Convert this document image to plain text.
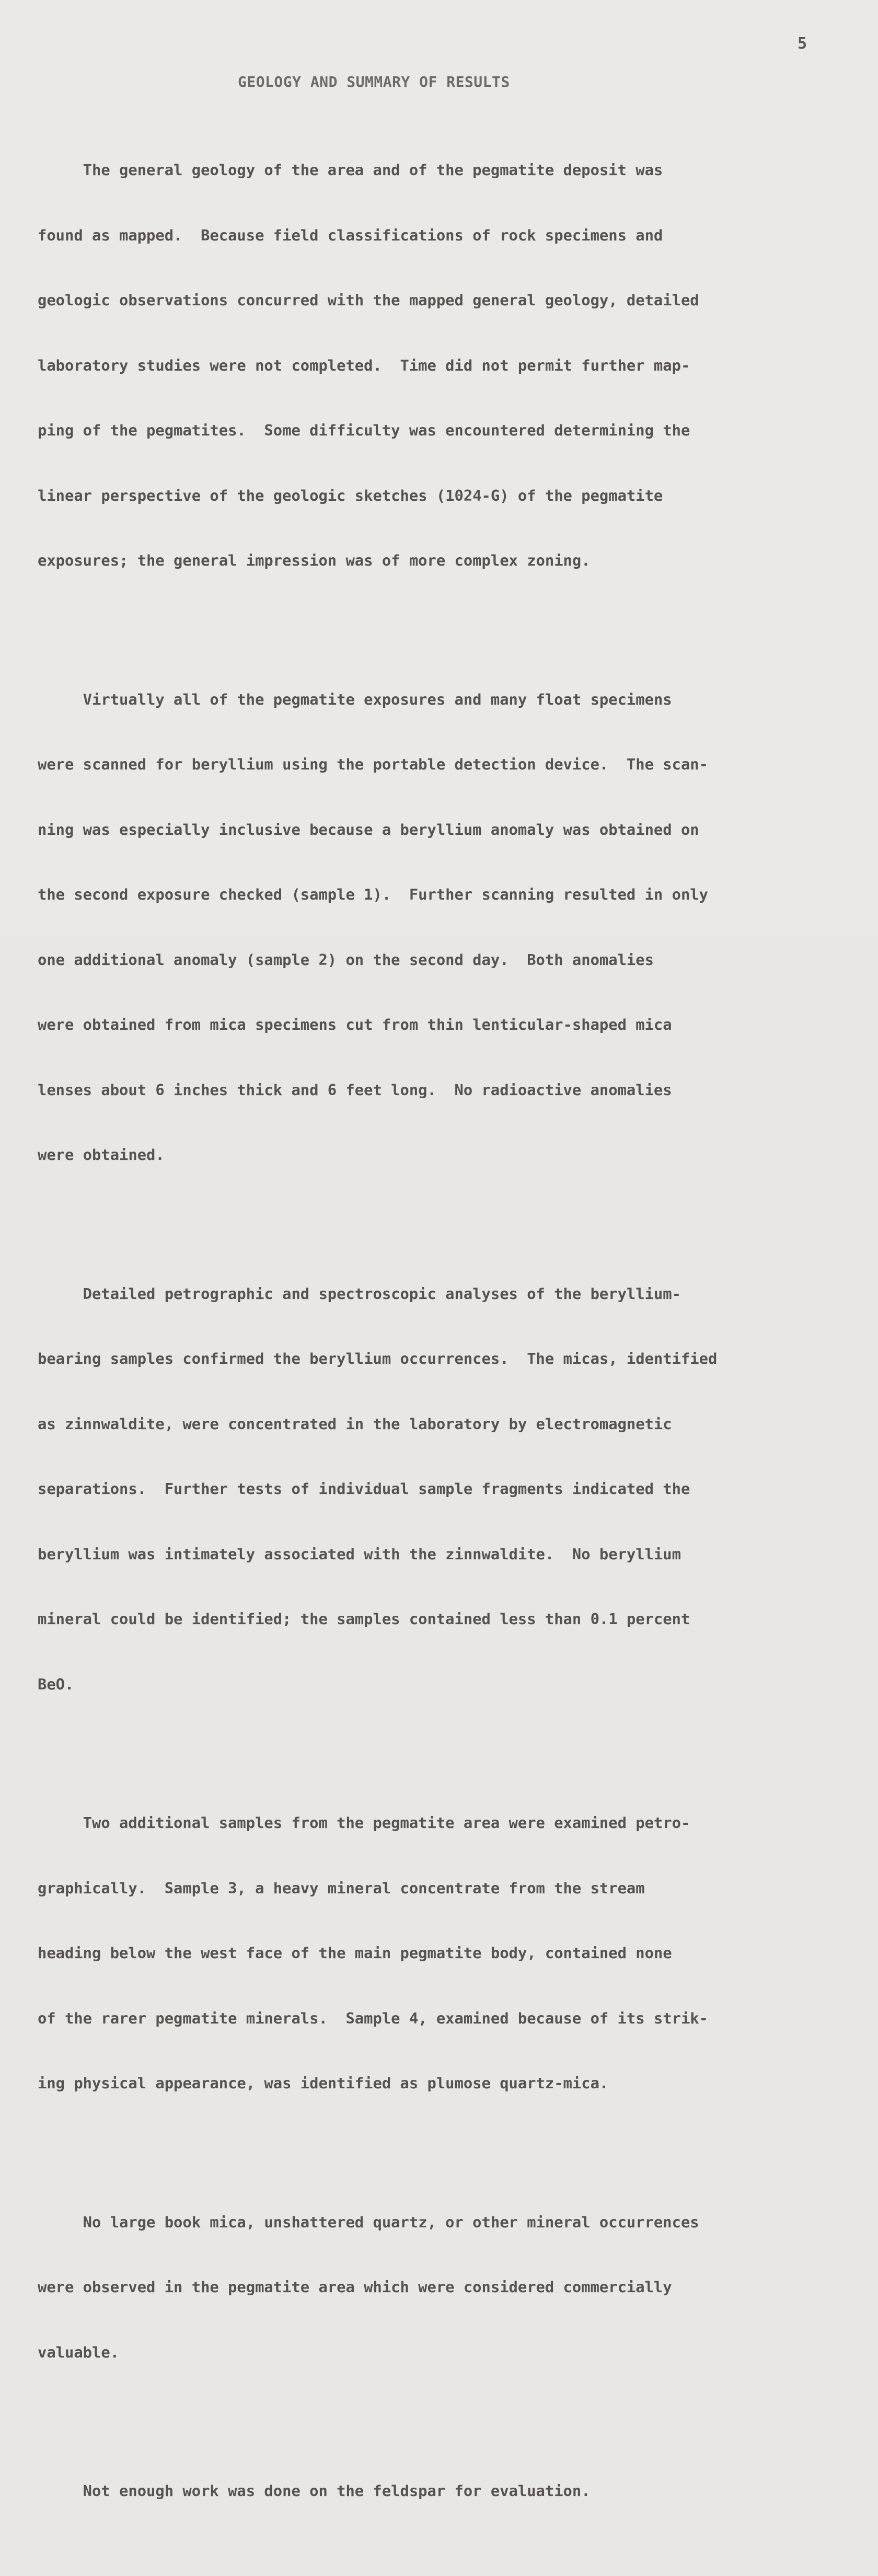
5
GEOLOGY AND SUMMARY OF RESULTS

The general geology of the area and of the pegmatite deposit was

found as mapped.  Because field classifications of rock specimens and

geologic observations concurred with the mapped general geology, detailed

laboratory studies were not completed.  Time did not permit further map-

ping of the pegmatites.  Some difficulty was encountered determining the

linear perspective of the geologic sketches (1024-G) of the pegmatite

exposures; the general impression was of more complex zoning.

Virtually all of the pegmatite exposures and many float specimens

were scanned for beryllium using the portable detection device.  The scan-

ning was especially inclusive because a beryllium anomaly was obtained on

the second exposure checked (sample 1).  Further scanning resulted in only

one additional anomaly (sample 2) on the second day.  Both anomalies

were obtained from mica specimens cut from thin lenticular-shaped mica

lenses about 6 inches thick and 6 feet long.  No radioactive anomalies

were obtained.

Detailed petrographic and spectroscopic analyses of the beryllium-

bearing samples confirmed the beryllium occurrences.  The micas, identified

as zinnwaldite, were concentrated in the laboratory by electromagnetic

separations.  Further tests of individual sample fragments indicated the

beryllium was intimately associated with the zinnwaldite.  No beryllium

mineral could be identified; the samples contained less than 0.1 percent

BeO.

Two additional samples from the pegmatite area were examined petro-

graphically.  Sample 3, a heavy mineral concentrate from the stream

heading below the west face of the main pegmatite body, contained none

of the rarer pegmatite minerals.  Sample 4, examined because of its strik-

ing physical appearance, was identified as plumose quartz-mica.

No large book mica, unshattered quartz, or other mineral occurrences

were observed in the pegmatite area which were considered commercially

valuable.

Not enough work was done on the feldspar for evaluation.
